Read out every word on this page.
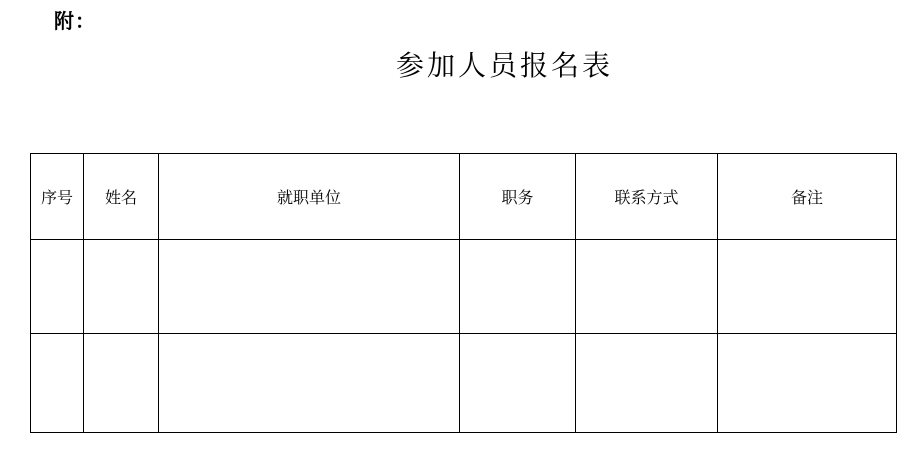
附：
参加人员报名表
序号	姓名	就职单位	职务	联系方式	备注
